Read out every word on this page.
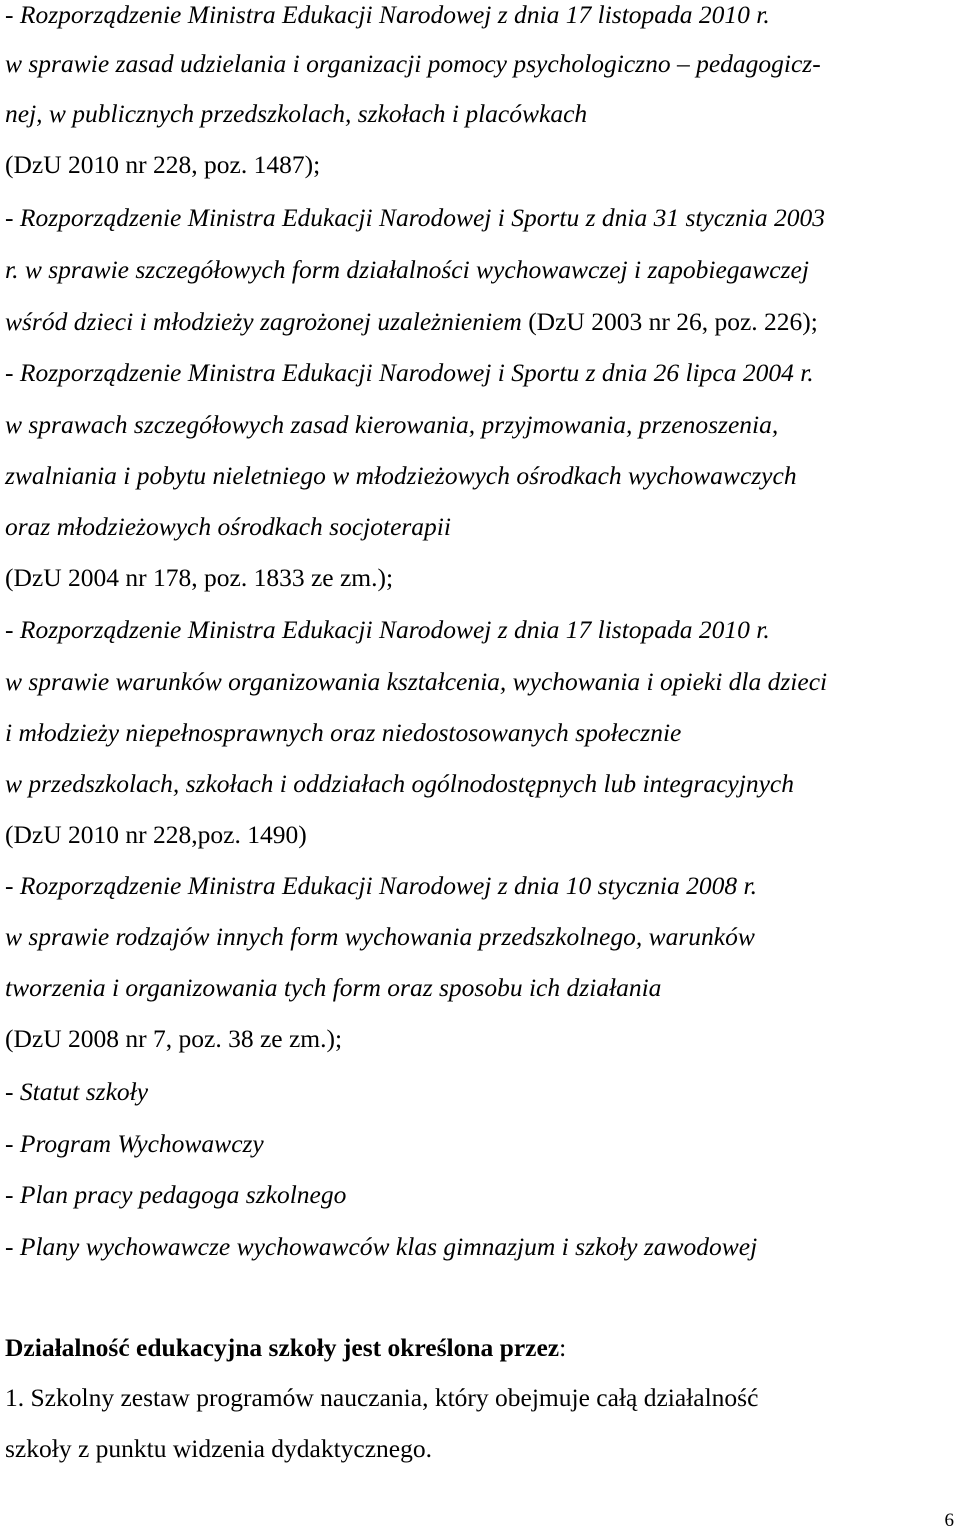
- Rozporządzenie Ministra Edukacji Narodowej z dnia 17 listopada 2010 r.

w sprawie zasad udzielania i organizacji pomocy psychologiczno – pedagogicz-

nej, w publicznych przedszkolach, szkołach i placówkach

(DzU 2010 nr 228, poz. 1487);

- Rozporządzenie Ministra Edukacji Narodowej i Sportu z dnia 31 stycznia 2003

r. w sprawie szczegółowych form działalności wychowawczej i zapobiegawczej

wśród dzieci i młodzieży zagrożonej uzależnieniem (DzU 2003 nr 26, poz. 226);

- Rozporządzenie Ministra Edukacji Narodowej i Sportu z dnia 26 lipca 2004 r.

w sprawach szczegółowych zasad kierowania, przyjmowania, przenoszenia,

zwalniania i pobytu nieletniego w młodzieżowych ośrodkach wychowawczych

oraz młodzieżowych ośrodkach socjoterapii

(DzU 2004 nr 178, poz. 1833 ze zm.);

- Rozporządzenie Ministra Edukacji Narodowej z dnia 17 listopada 2010 r.

w sprawie warunków organizowania kształcenia, wychowania i opieki dla dzieci

i młodzieży niepełnosprawnych oraz niedostosowanych społecznie

w przedszkolach, szkołach i oddziałach ogólnodostępnych lub integracyjnych

(DzU 2010 nr 228,poz. 1490)

- Rozporządzenie Ministra Edukacji Narodowej z dnia 10 stycznia 2008 r.

w sprawie rodzajów innych form wychowania przedszkolnego, warunków

tworzenia i organizowania tych form oraz sposobu ich działania

(DzU 2008 nr 7, poz. 38 ze zm.);

- Statut szkoły

- Program Wychowawczy

- Plan pracy pedagoga szkolnego

- Plany wychowawcze wychowawców klas gimnazjum i szkoły zawodowej

Działalność edukacyjna szkoły jest określona przez:

1. Szkolny zestaw programów nauczania, który obejmuje całą działalność

szkoły z punktu widzenia dydaktycznego.

6
